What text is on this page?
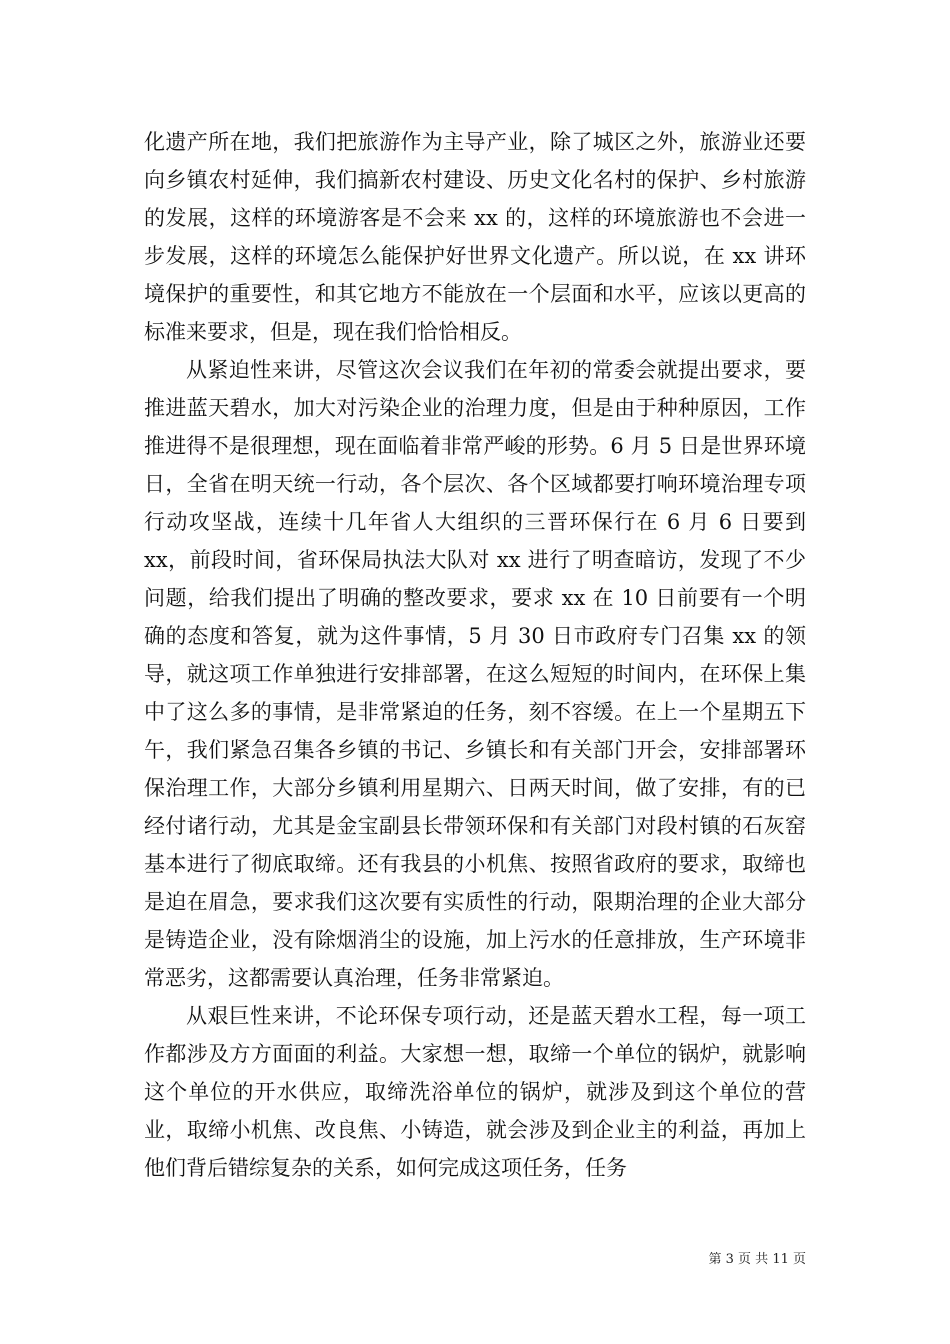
化遗产所在地，我们把旅游作为主导产业，除了城区之外，旅游业还要向乡镇农村延伸，我们搞新农村建设、历史文化名村的保护、乡村旅游的发展，这样的环境游客是不会来 xx 的，这样的环境旅游也不会进一步发展，这样的环境怎么能保护好世界文化遗产。所以说，在 xx 讲环境保护的重要性，和其它地方不能放在一个层面和水平，应该以更高的标准来要求，但是，现在我们恰恰相反。

从紧迫性来讲，尽管这次会议我们在年初的常委会就提出要求，要推进蓝天碧水，加大对污染企业的治理力度，但是由于种种原因，工作推进得不是很理想，现在面临着非常严峻的形势。6 月 5 日是世界环境日，全省在明天统一行动，各个层次、各个区域都要打响环境治理专项行动攻坚战，连续十几年省人大组织的三晋环保行在 6 月 6 日要到 xx，前段时间，省环保局执法大队对 xx 进行了明查暗访，发现了不少问题，给我们提出了明确的整改要求，要求 xx 在 10 日前要有一个明确的态度和答复，就为这件事情，5 月 30 日市政府专门召集 xx 的领导，就这项工作单独进行安排部署，在这么短短的时间内，在环保上集中了这么多的事情，是非常紧迫的任务，刻不容缓。在上一个星期五下午，我们紧急召集各乡镇的书记、乡镇长和有关部门开会，安排部署环保治理工作，大部分乡镇利用星期六、日两天时间，做了安排，有的已经付诸行动，尤其是金宝副县长带领环保和有关部门对段村镇的石灰窑基本进行了彻底取缔。还有我县的小机焦、按照省政府的要求，取缔也是迫在眉急，要求我们这次要有实质性的行动，限期治理的企业大部分是铸造企业，没有除烟消尘的设施，加上污水的任意排放，生产环境非常恶劣，这都需要认真治理，任务非常紧迫。

从艰巨性来讲，不论环保专项行动，还是蓝天碧水工程，每一项工作都涉及方方面面的利益。大家想一想，取缔一个单位的锅炉，就影响这个单位的开水供应，取缔洗浴单位的锅炉，就涉及到这个单位的营业，取缔小机焦、改良焦、小铸造，就会涉及到企业主的利益，再加上他们背后错综复杂的关系，如何完成这项任务，任务

第 3 页 共 11 页
